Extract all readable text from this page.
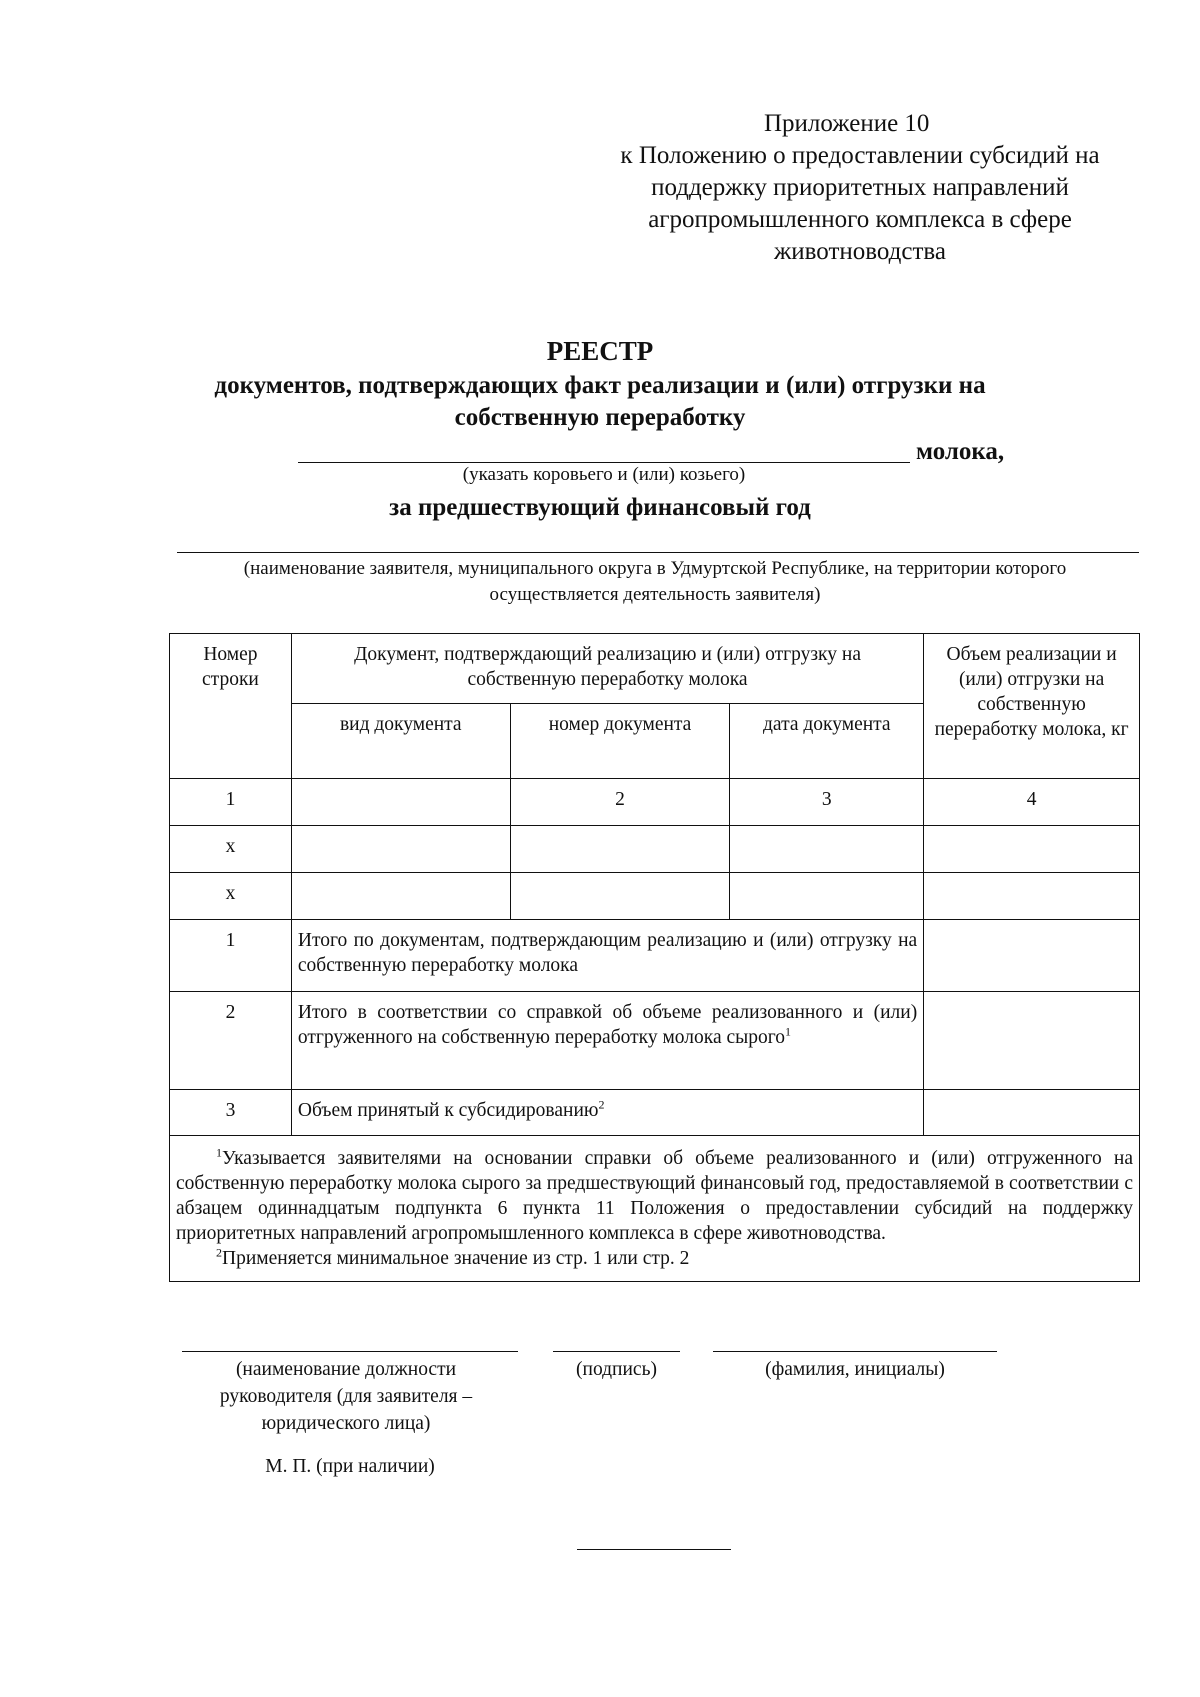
Приложение 10
к Положению о предоставлении субсидий на
поддержку приоритетных направлений
агропромышленного комплекса в сфере
животноводства
РЕЕСТР
документов, подтверждающих факт реализации и (или) отгрузки на
собственную переработку
молока,
(указать коровьего и (или) козьего)
за предшествующий финансовый год
(наименование заявителя, муниципального округа в Удмуртской Республике, на территории которого
осуществляется деятельность заявителя)
Номер строки	Документ, подтверждающий реализацию и (или) отгрузку на собственную переработку молока			Объем реализации и (или) отгрузки на собственную переработку молока, кг
	вид документа	номер документа	дата документа	
1		2	3	4
x				
x				
1	Итого по документам, подтверждающим реализацию и (или) отгрузку на собственную переработку молока			
2	Итого в соответствии со справкой об объеме реализованного и (или) отгруженного на собственную переработку молока сырого$^1$	
3	Объем принятый к субсидированию$^2$	

$^1$Указывается заявителями на основании справки об объеме реализованного и (или) отгруженного на собственную переработку молока сырого за предшествующий финансовый год, предоставляемой в соответствии с абзацем одиннадцатым подпункта 6 пункта 11 Положения о предоставлении субсидий на поддержку приоритетных направлений агропромышленного комплекса в сфере животноводства.
$^2$Применяется минимальное значение из стр. 1 или стр. 2				
(наименование должности руководителя (для заявителя – юридического лица)
(подпись)	(фамилия, инициалы)
М. П. (при наличии)
